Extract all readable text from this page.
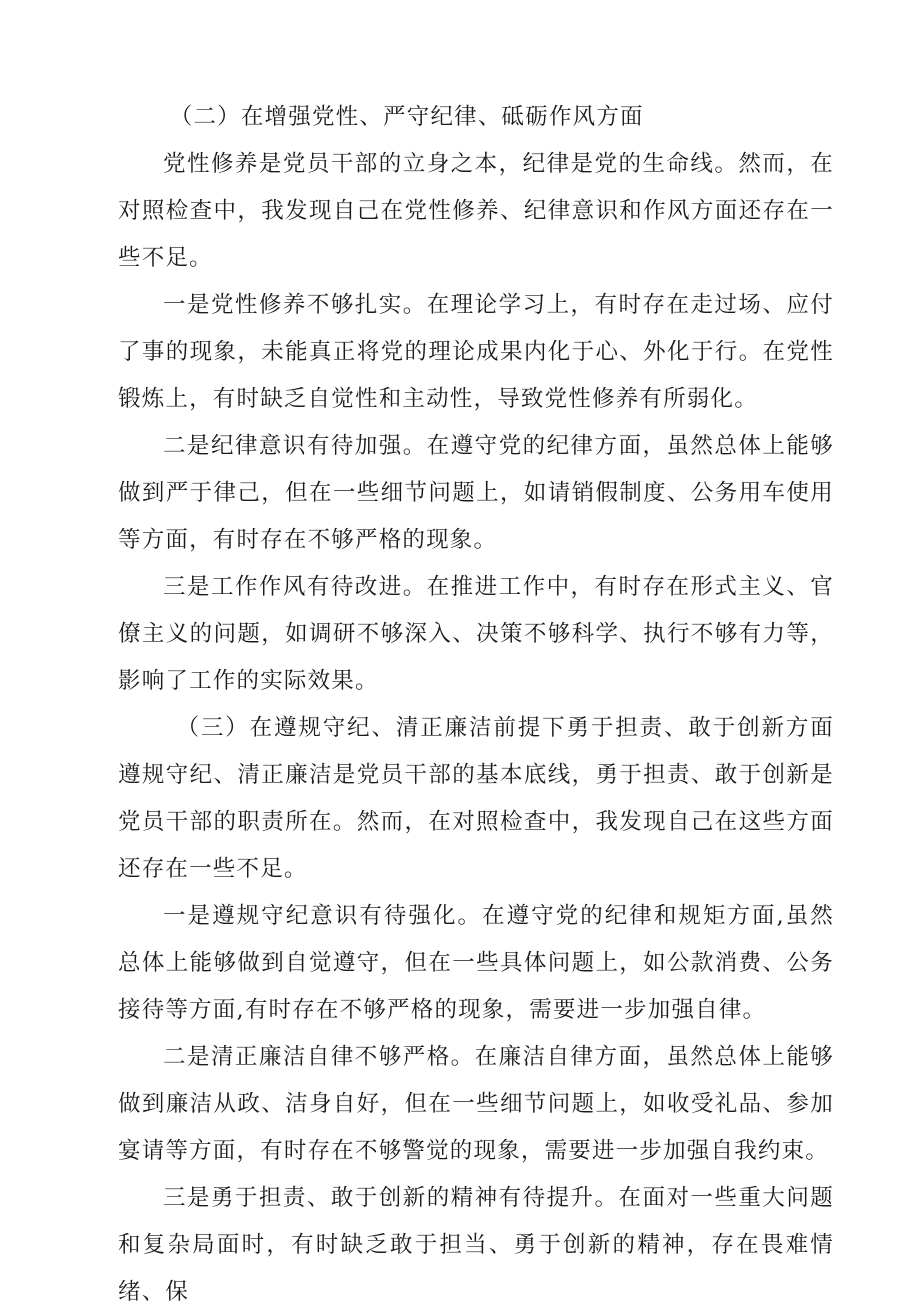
（二）在增强党性、严守纪律、砥砺作风方面

党性修养是党员干部的立身之本，纪律是党的生命线。然而，在对照检查中，我发现自己在党性修养、纪律意识和作风方面还存在一些不足。

一是党性修养不够扎实。在理论学习上，有时存在走过场、应付了事的现象，未能真正将党的理论成果内化于心、外化于行。在党性锻炼上，有时缺乏自觉性和主动性，导致党性修养有所弱化。

二是纪律意识有待加强。在遵守党的纪律方面，虽然总体上能够做到严于律己，但在一些细节问题上，如请销假制度、公务用车使用等方面，有时存在不够严格的现象。

三是工作作风有待改进。在推进工作中，有时存在形式主义、官僚主义的问题，如调研不够深入、决策不够科学、执行不够有力等，影响了工作的实际效果。

（三）在遵规守纪、清正廉洁前提下勇于担责、敢于创新方面遵规守纪、清正廉洁是党员干部的基本底线，勇于担责、敢于创新是党员干部的职责所在。然而，在对照检查中，我发现自己在这些方面还存在一些不足。

一是遵规守纪意识有待强化。在遵守党的纪律和规矩方面,虽然总体上能够做到自觉遵守，但在一些具体问题上，如公款消费、公务接待等方面,有时存在不够严格的现象，需要进一步加强自律。

二是清正廉洁自律不够严格。在廉洁自律方面，虽然总体上能够做到廉洁从政、洁身自好，但在一些细节问题上，如收受礼品、参加宴请等方面，有时存在不够警觉的现象，需要进一步加强自我约束。

三是勇于担责、敢于创新的精神有待提升。在面对一些重大问题和复杂局面时，有时缺乏敢于担当、勇于创新的精神，存在畏难情绪、保
